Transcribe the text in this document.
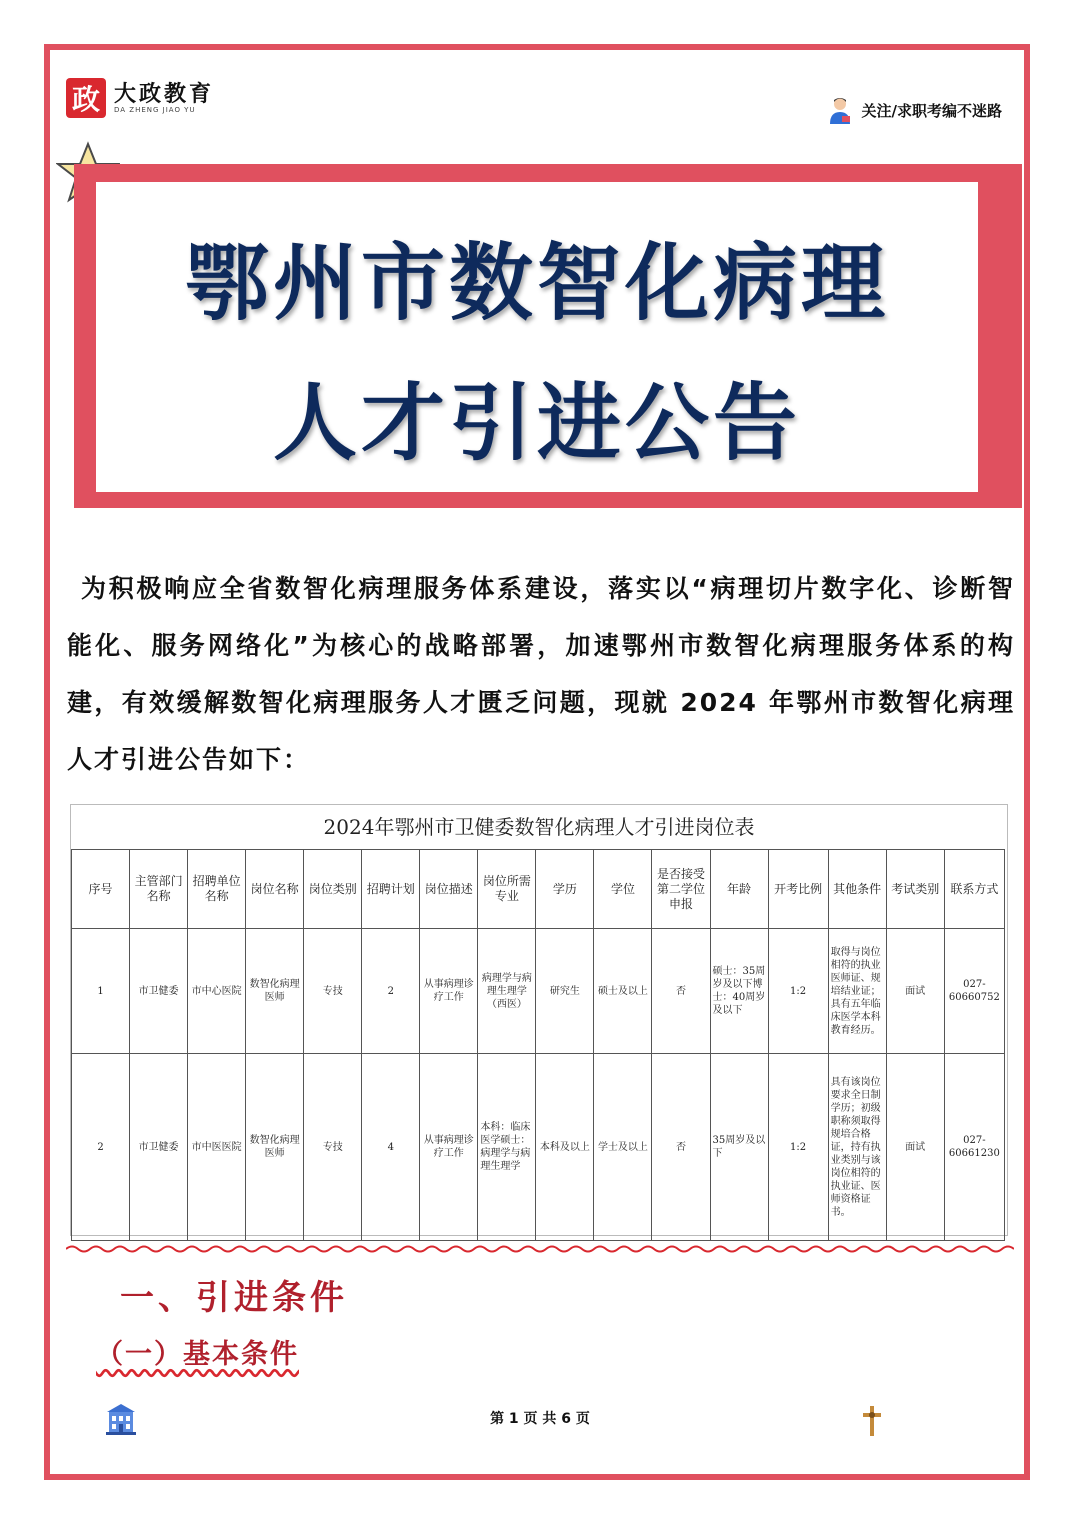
政 大政教育
DA ZHENG JIAO YU	关注/求职考编不迷路
鄂州市数智化病理
人才引进公告
为积极响应全省数智化病理服务体系建设，落实以“病理切片数字化、诊断智能化、服务网络化”为核心的战略部署，加速鄂州市数智化病理服务体系的构建，有效缓解数智化病理服务人才匮乏问题，现就 2024 年鄂州市数智化病理人才引进公告如下：
2024年鄂州市卫健委数智化病理人才引进岗位表
序号	主管部门名称	招聘单位名称	岗位名称	岗位类别	招聘计划	岗位描述	岗位所需专业	学历	学位	是否接受第二学位申报	年龄	开考比例	其他条件	考试类别	联系方式
1	市卫健委	市中心医院	数智化病理医师	专技	2	从事病理诊疗工作	病理学与病理生理学（西医）	研究生	硕士及以上	否	硕士：35周岁及以下博士：40周岁及以下	1:2	取得与岗位相符的执业医师证、规培结业证；具有五年临床医学本科教育经历。	面试	027-60660752
2	市卫健委	市中医医院	数智化病理医师	专技	4	从事病理诊疗工作	本科：临床医学硕士：病理学与病理生理学	本科及以上	学士及以上	否	35周岁及以下	1:2	具有该岗位要求全日制学历；初级职称须取得规培合格证，持有执业类别与该岗位相符的执业证、医师资格证书。	面试	027-60661230
一、引进条件
（一）基本条件
第 1 页 共 6 页
